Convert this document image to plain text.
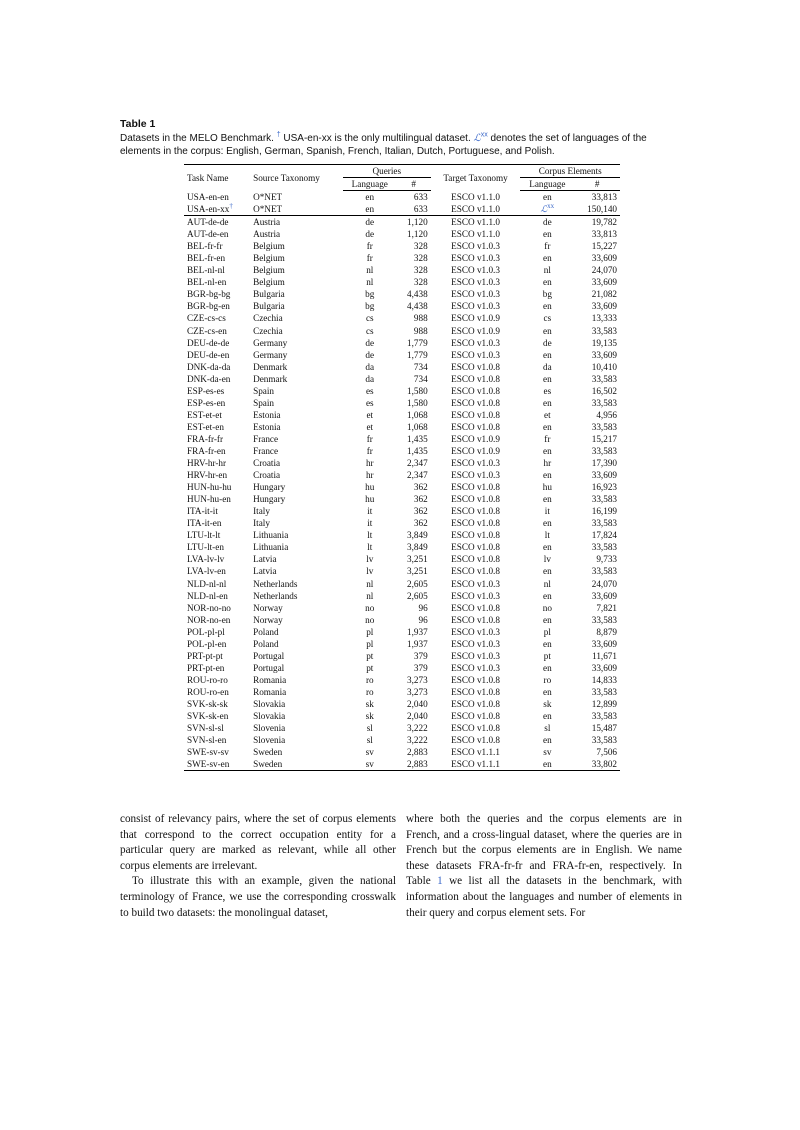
Table 1

Datasets in the MELO Benchmark. † USA-en-xx is the only multilingual dataset. ℒ$^{xx}$ denotes the set of languages of the elements in the corpus: English, German, Spanish, French, Italian, Dutch, Portuguese, and Polish.

Task Name	Source Taxonomy	Queries		Target Taxonomy	Corpus Elements	
		Language	#		Language	#
USA-en-en	O*NET	en	633	ESCO v1.1.0	en	33,813
USA-en-xx†	O*NET	en	633	ESCO v1.1.0	ℒ$^{xx}$	150,140
AUT-de-de	Austria	de	1,120	ESCO v1.1.0	de	19,782
AUT-de-en	Austria	de	1,120	ESCO v1.1.0	en	33,813
BEL-fr-fr	Belgium	fr	328	ESCO v1.0.3	fr	15,227
BEL-fr-en	Belgium	fr	328	ESCO v1.0.3	en	33,609
BEL-nl-nl	Belgium	nl	328	ESCO v1.0.3	nl	24,070
BEL-nl-en	Belgium	nl	328	ESCO v1.0.3	en	33,609
BGR-bg-bg	Bulgaria	bg	4,438	ESCO v1.0.3	bg	21,082
BGR-bg-en	Bulgaria	bg	4,438	ESCO v1.0.3	en	33,609
CZE-cs-cs	Czechia	cs	988	ESCO v1.0.9	cs	13,333
CZE-cs-en	Czechia	cs	988	ESCO v1.0.9	en	33,583
DEU-de-de	Germany	de	1,779	ESCO v1.0.3	de	19,135
DEU-de-en	Germany	de	1,779	ESCO v1.0.3	en	33,609
DNK-da-da	Denmark	da	734	ESCO v1.0.8	da	10,410
DNK-da-en	Denmark	da	734	ESCO v1.0.8	en	33,583
ESP-es-es	Spain	es	1,580	ESCO v1.0.8	es	16,502
ESP-es-en	Spain	es	1,580	ESCO v1.0.8	en	33,583
EST-et-et	Estonia	et	1,068	ESCO v1.0.8	et	4,956
EST-et-en	Estonia	et	1,068	ESCO v1.0.8	en	33,583
FRA-fr-fr	France	fr	1,435	ESCO v1.0.9	fr	15,217
FRA-fr-en	France	fr	1,435	ESCO v1.0.9	en	33,583
HRV-hr-hr	Croatia	hr	2,347	ESCO v1.0.3	hr	17,390
HRV-hr-en	Croatia	hr	2,347	ESCO v1.0.3	en	33,609
HUN-hu-hu	Hungary	hu	362	ESCO v1.0.8	hu	16,923
HUN-hu-en	Hungary	hu	362	ESCO v1.0.8	en	33,583
ITA-it-it	Italy	it	362	ESCO v1.0.8	it	16,199
ITA-it-en	Italy	it	362	ESCO v1.0.8	en	33,583
LTU-lt-lt	Lithuania	lt	3,849	ESCO v1.0.8	lt	17,824
LTU-lt-en	Lithuania	lt	3,849	ESCO v1.0.8	en	33,583
LVA-lv-lv	Latvia	lv	3,251	ESCO v1.0.8	lv	9,733
LVA-lv-en	Latvia	lv	3,251	ESCO v1.0.8	en	33,583
NLD-nl-nl	Netherlands	nl	2,605	ESCO v1.0.3	nl	24,070
NLD-nl-en	Netherlands	nl	2,605	ESCO v1.0.3	en	33,609
NOR-no-no	Norway	no	96	ESCO v1.0.8	no	7,821
NOR-no-en	Norway	no	96	ESCO v1.0.8	en	33,583
POL-pl-pl	Poland	pl	1,937	ESCO v1.0.3	pl	8,879
POL-pl-en	Poland	pl	1,937	ESCO v1.0.3	en	33,609
PRT-pt-pt	Portugal	pt	379	ESCO v1.0.3	pt	11,671
PRT-pt-en	Portugal	pt	379	ESCO v1.0.3	en	33,609
ROU-ro-ro	Romania	ro	3,273	ESCO v1.0.8	ro	14,833
ROU-ro-en	Romania	ro	3,273	ESCO v1.0.8	en	33,583
SVK-sk-sk	Slovakia	sk	2,040	ESCO v1.0.8	sk	12,899
SVK-sk-en	Slovakia	sk	2,040	ESCO v1.0.8	en	33,583
SVN-sl-sl	Slovenia	sl	3,222	ESCO v1.0.8	sl	15,487
SVN-sl-en	Slovenia	sl	3,222	ESCO v1.0.8	en	33,583
SWE-sv-sv	Sweden	sv	2,883	ESCO v1.1.1	sv	7,506
SWE-sv-en	Sweden	sv	2,883	ESCO v1.1.1	en	33,802

consist of relevancy pairs, where the set of corpus elements that correspond to the correct occupation entity for a particular query are marked as relevant, while all other corpus elements are irrelevant.

To illustrate this with an example, given the national terminology of France, we use the corresponding crosswalk to build two datasets: the monolingual dataset,

where both the queries and the corpus elements are in French, and a cross-lingual dataset, where the queries are in French but the corpus elements are in English. We name these datasets FRA-fr-fr and FRA-fr-en, respectively. In Table 1 we list all the datasets in the benchmark, with information about the languages and number of elements in their query and corpus element sets. For
